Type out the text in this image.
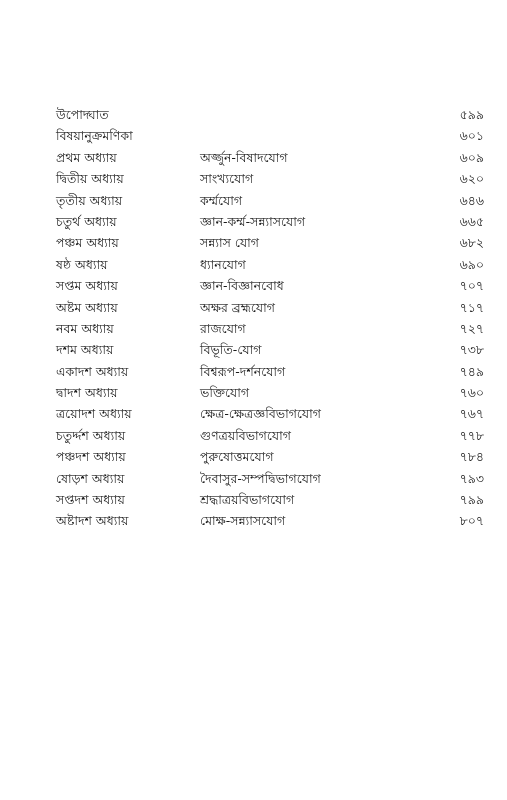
উপোদ্ঘাত	৫৯৯
বিষয়ানুক্রমণিকা	৬০১
প্রথম অধ্যায়	অর্জ্জুন-বিষাদযোগ	৬০৯
দ্বিতীয় অধ্যায়	সাংখ্যযোগ	৬২০
তৃতীয় অধ্যায়	কর্ম্মযোগ	৬৪৬
চতুর্থ অধ্যায়	জ্ঞান-কর্ম্ম-সন্ন্যাসযোগ	৬৬৫
পঞ্চম অধ্যায়	সন্ন্যাস যোগ	৬৮২
ষষ্ঠ অধ্যায়	ধ্যানযোগ	৬৯০
সপ্তম অধ্যায়	জ্ঞান-বিজ্ঞানবোধ	৭০৭
অষ্টম অধ্যায়	অক্ষর ব্রহ্মযোগ	৭১৭
নবম অধ্যায়	রাজযোগ	৭২৭
দশম অধ্যায়	বিভূতি-যোগ	৭৩৮
একাদশ অধ্যায়	বিশ্বরূপ-দর্শনযোগ	৭৪৯
দ্বাদশ অধ্যায়	ভক্তিযোগ	৭৬০
ত্রয়োদশ অধ্যায়	ক্ষেত্র-ক্ষেত্রজ্ঞবিভাগযোগ	৭৬৭
চতুর্দ্দশ অধ্যায়	গুণত্রয়বিভাগযোগ	৭৭৮
পঞ্চদশ অধ্যায়	পুরুষোত্তমযোগ	৭৮৪
ষোড়শ অধ্যায়	দৈবাসুর-সম্পদ্বিভাগযোগ	৭৯৩
সপ্তদশ অধ্যায়	শ্রদ্ধাত্রয়বিভাগযোগ	৭৯৯
অষ্টাদশ অধ্যায়	মোক্ষ-সন্ন্যাসযোগ	৮০৭
